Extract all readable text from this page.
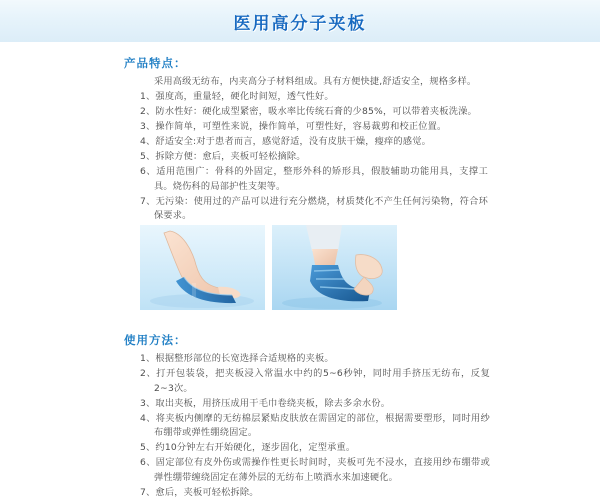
医用高分子夹板
产品特点：

采用高级无纺布，内夹高分子材料组成。具有方便快捷,舒适安全，规格多样。

1、强度高，重量轻，硬化时间短，透气性好。

2、防水性好：硬化成型紧密，吸水率比传统石膏的少85%，可以带着夹板洗澡。

3、操作简单，可塑性来说，操作简单，可塑性好，容易裁剪和校正位置。

4、舒适安全:对于患者而言，感觉舒适，没有皮肤干燥，瘦痒的感觉。

5、拆除方便：愈后，夹板可轻松摘除。

6、适用范围广：骨科的外固定，整形外科的矫形具，假肢辅助功能用具，支撑工具。烧伤科的局部护性支架等。

7、无污染：使用过的产品可以进行充分燃烧，材质焚化不产生任何污染物，符合环保要求。

使用方法：

1、根据整形部位的长宽选择合适规格的夹板。

2、打开包装袋，把夹板浸入常温水中约的5~6秒钟，同时用手挤压无纺布，反复2~3次。

3、取出夹板，用挤压成用干毛巾卷绕夹板，除去多余水份。

4、将夹板内侧摩的无纺棉层紧贴皮肤放在需固定的部位，根据需要塑形，同时用纱布绷带或弹性绷绕固定。

5、约10分钟左右开始硬化，逐步固化，定型承重。

6、固定部位有皮外伤或需操作性更长时间时，夹板可先不浸水，直接用纱布绷带或弹性绷带缠绕固定在薄外层的无纺布上喷酒水来加速硬化。

7、愈后，夹板可轻松拆除。
